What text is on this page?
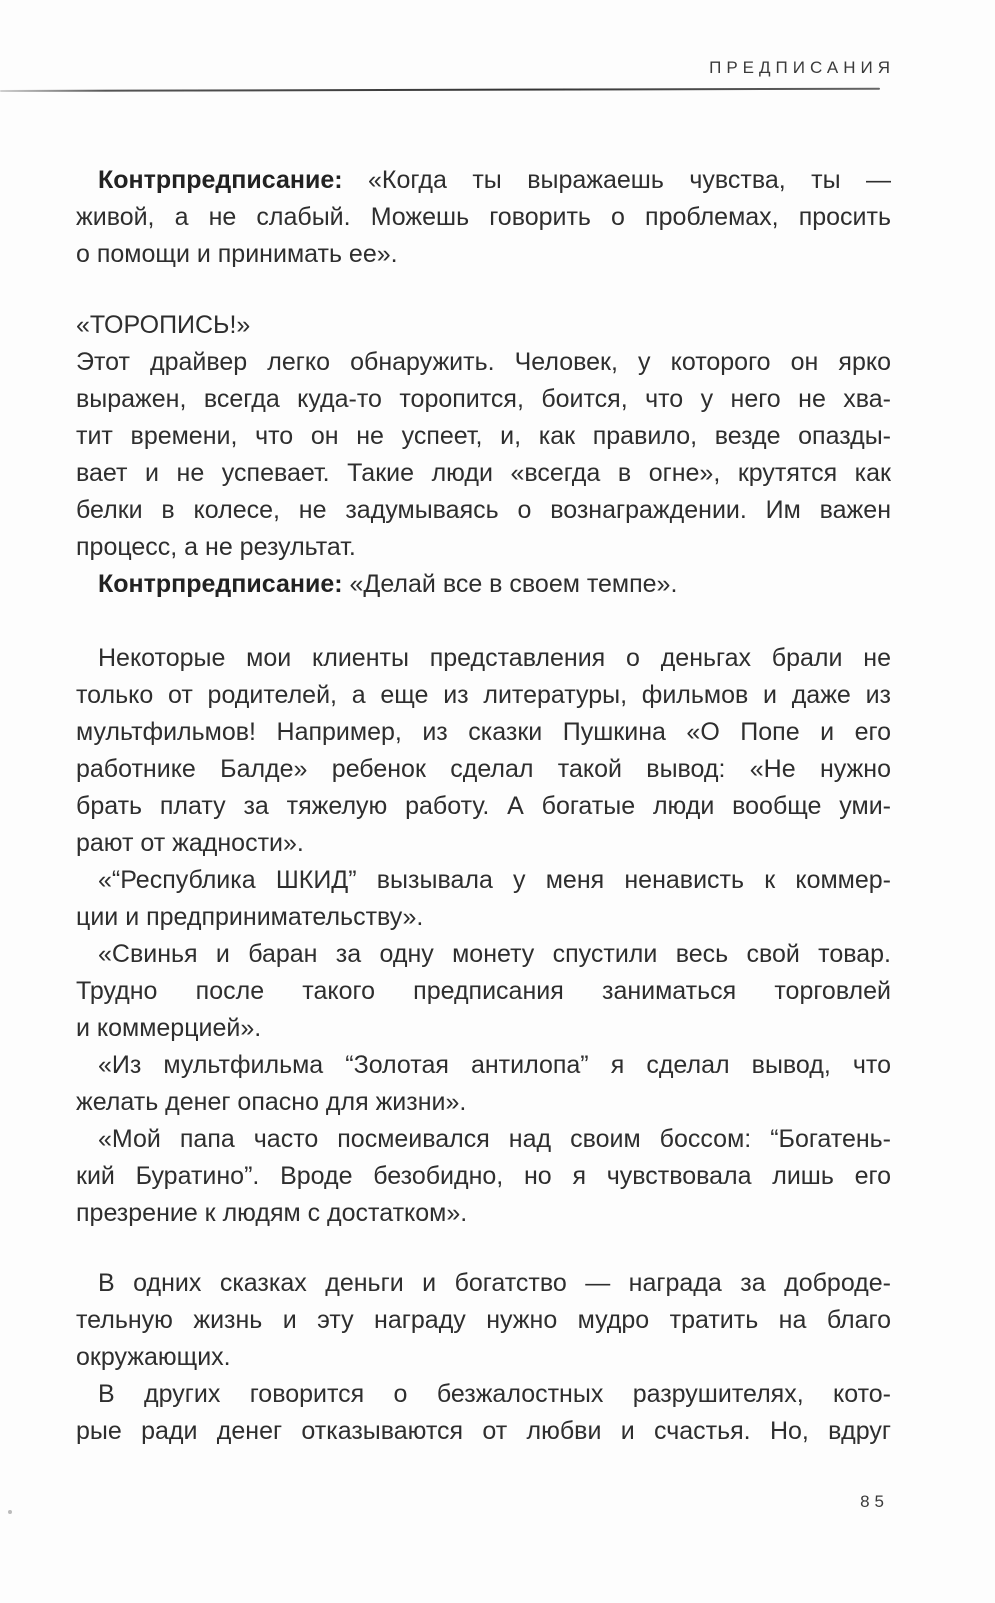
ПРЕДПИСАНИЯ
Контрпредписание: «Когда ты выражаешь чувства, ты —
живой, а не слабый. Можешь говорить о проблемах, просить
о помощи и принимать ее».
«ТОРОПИСЬ!»
Этот драйвер легко обнаружить. Человек, у которого он ярко
выражен, всегда куда-то торопится, боится, что у него не хва-
тит времени, что он не успеет, и, как правило, везде опазды-
вает и не успевает. Такие люди «всегда в огне», крутятся как
белки в колесе, не задумываясь о вознаграждении. Им важен
процесс, а не результат.
Контрпредписание: «Делай все в своем темпе».
Некоторые мои клиенты представления о деньгах брали не
только от родителей, а еще из литературы, фильмов и даже из
мультфильмов! Например, из сказки Пушкина «О Попе и его
работнике Балде» ребенок сделал такой вывод: «Не нужно
брать плату за тяжелую работу. А богатые люди вообще уми-
рают от жадности».
«“Республика ШКИД” вызывала у меня ненависть к коммер-
ции и предпринимательству».
«Свинья и баран за одну монету спустили весь свой товар.
Трудно после такого предписания заниматься торговлей
и коммерцией».
«Из мультфильма “Золотая антилопа” я сделал вывод, что
желать денег опасно для жизни».
«Мой папа часто посмеивался над своим боссом: “Богатень-
кий Буратино”. Вроде безобидно, но я чувствовала лишь его
презрение к людям с достатком».
В одних сказках деньги и богатство — награда за доброде-
тельную жизнь и эту награду нужно мудро тратить на благо
окружающих.
В других говорится о безжалостных разрушителях, кото-
рые ради денег отказываются от любви и счастья. Но, вдруг
85
